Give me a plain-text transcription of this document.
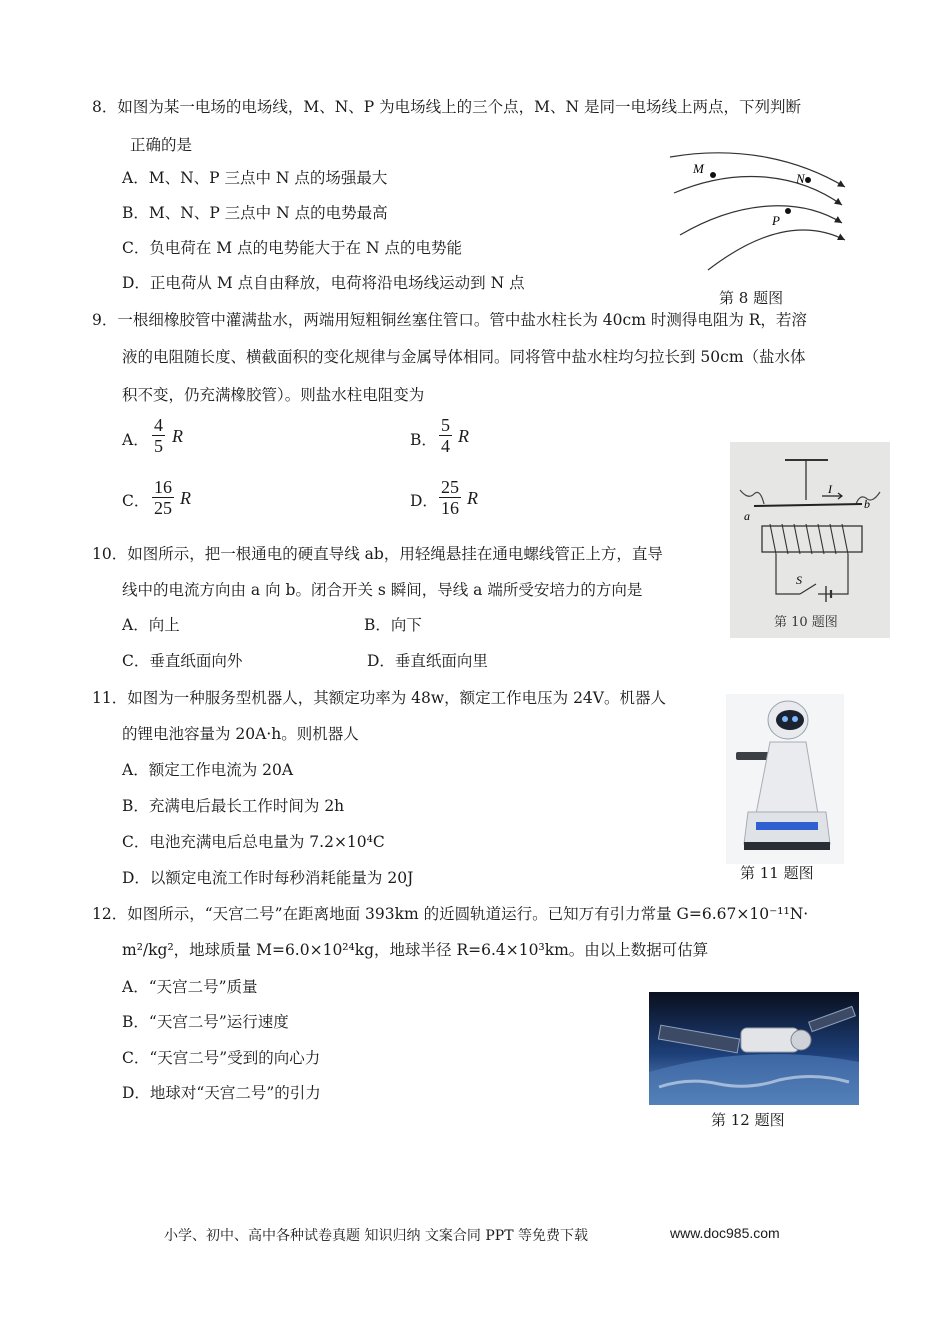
8．如图为某一电场的电场线，M、N、P 为电场线上的三个点，M、N 是同一电场线上两点，下列判断
正确的是
A．M、N、P 三点中 N 点的场强最大
B．M、N、P 三点中 N 点的电势最高
C．负电荷在 M 点的电势能大于在 N 点的电势能
D．正电荷从 M 点自由释放，电荷将沿电场线运动到 N 点
M
N
P
第 8 题图
9．一根细橡胶管中灌满盐水，两端用短粗铜丝塞住管口。管中盐水柱长为 40cm 时测得电阻为 R，若溶
液的电阻随长度、横截面积的变化规律与金属导体相同。同将管中盐水柱均匀拉长到 50cm（盐水体
积不变，仍充满橡胶管）。则盐水柱电阻变为
A． $\frac{4}{5}$ R	B． $\frac{5}{4}$ R
C． $\frac{16}{25}$ R	D． $\frac{25}{16}$ R	I
a
b
S
第 10 题图
10．如图所示，把一根通电的硬直导线 ab，用轻绳悬挂在通电螺线管正上方，直导
线中的电流方向由 a 向 b。闭合开关 s 瞬间，导线 a 端所受安培力的方向是
A．向上	B．向下
C．垂直纸面向外	D．垂直纸面向里
11．如图为一种服务型机器人，其额定功率为 48w，额定工作电压为 24V。机器人
的锂电池容量为 20A·h。则机器人
A．额定工作电流为 20A
B．充满电后最长工作时间为 2h
C．电池充满电后总电量为 7.2×10⁴C
D．以额定电流工作时每秒消耗能量为 20J	第 11 题图
12．如图所示，“天宫二号”在距离地面 393km 的近圆轨道运行。已知万有引力常量 G=6.67×10⁻¹¹N·
m²/kg²，地球质量 M=6.0×10²⁴kg，地球半径 R=6.4×10³km。由以上数据可估算
A．“天宫二号”质量
B．“天宫二号”运行速度
C．“天宫二号”受到的向心力
D．地球对“天宫二号”的引力
第 12 题图
小学、初中、高中各种试卷真题 知识归纳 文案合同 PPT 等免费下载	www.doc985.com
